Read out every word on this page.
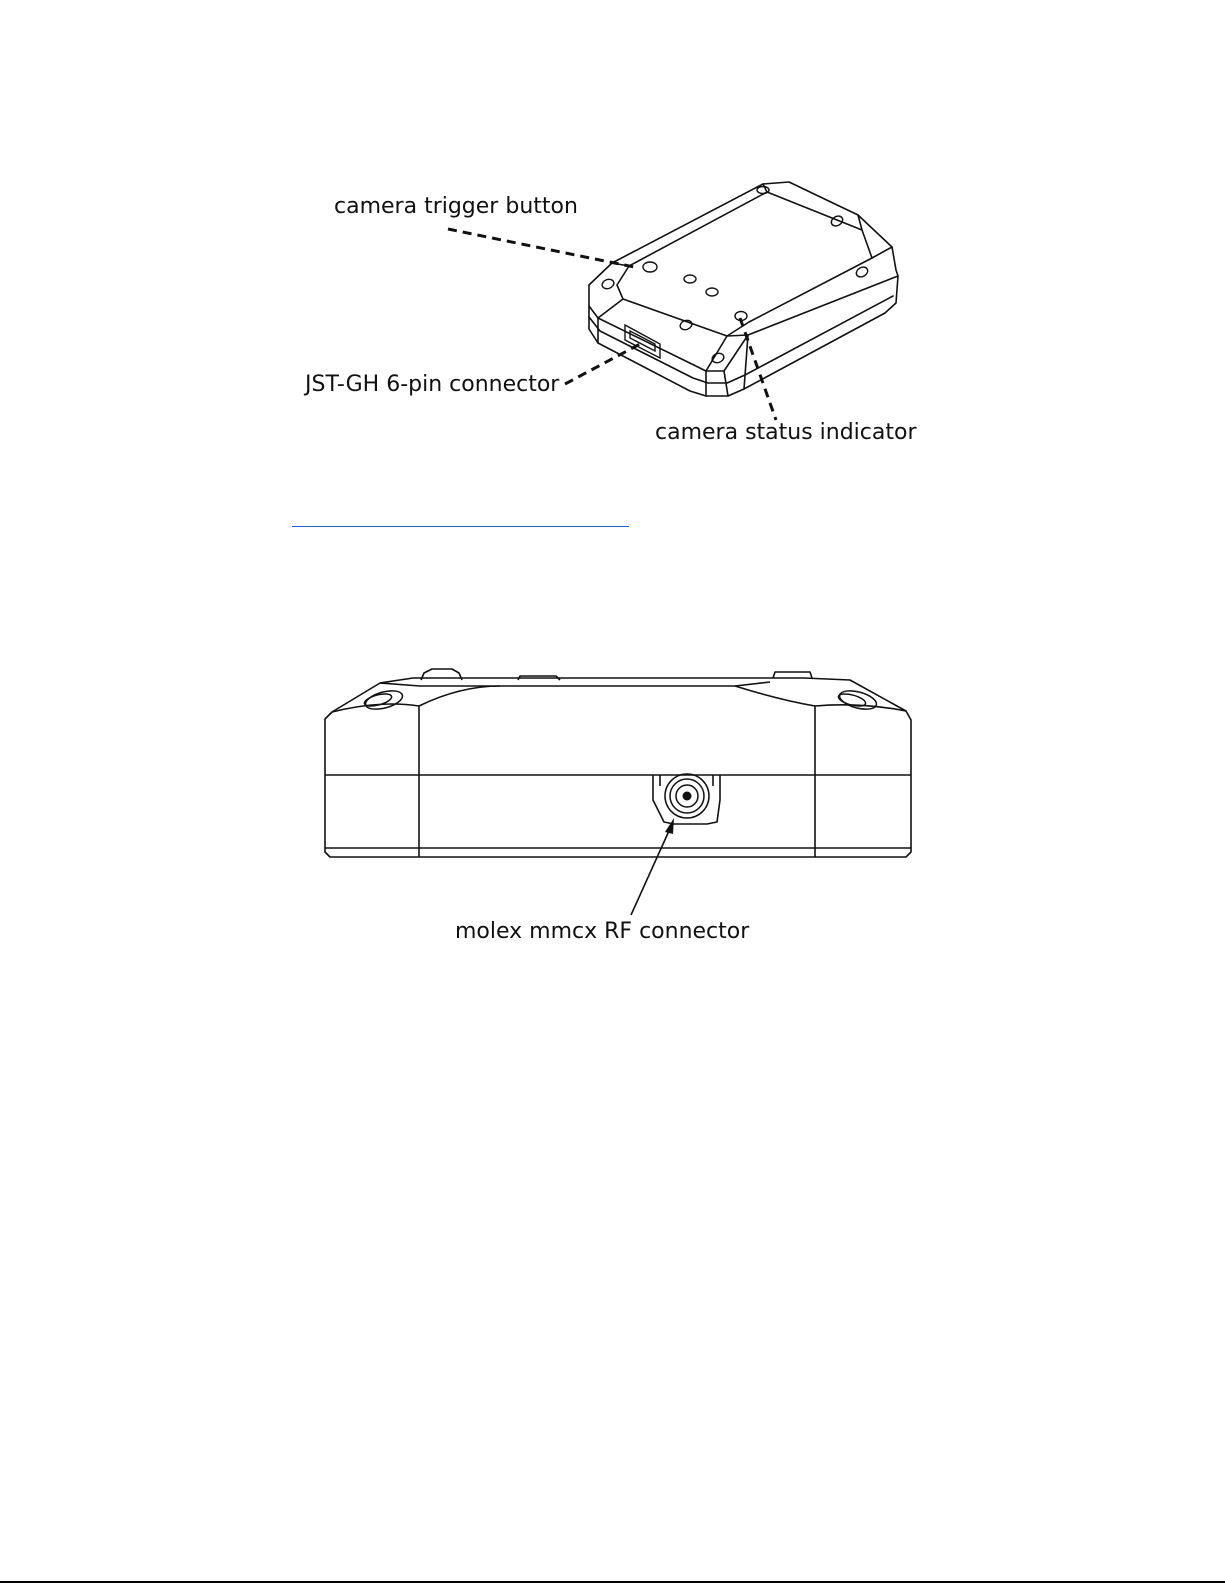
camera trigger button
JST-GH 6-pin connector
camera status indicator
molex mmcx RF connector
